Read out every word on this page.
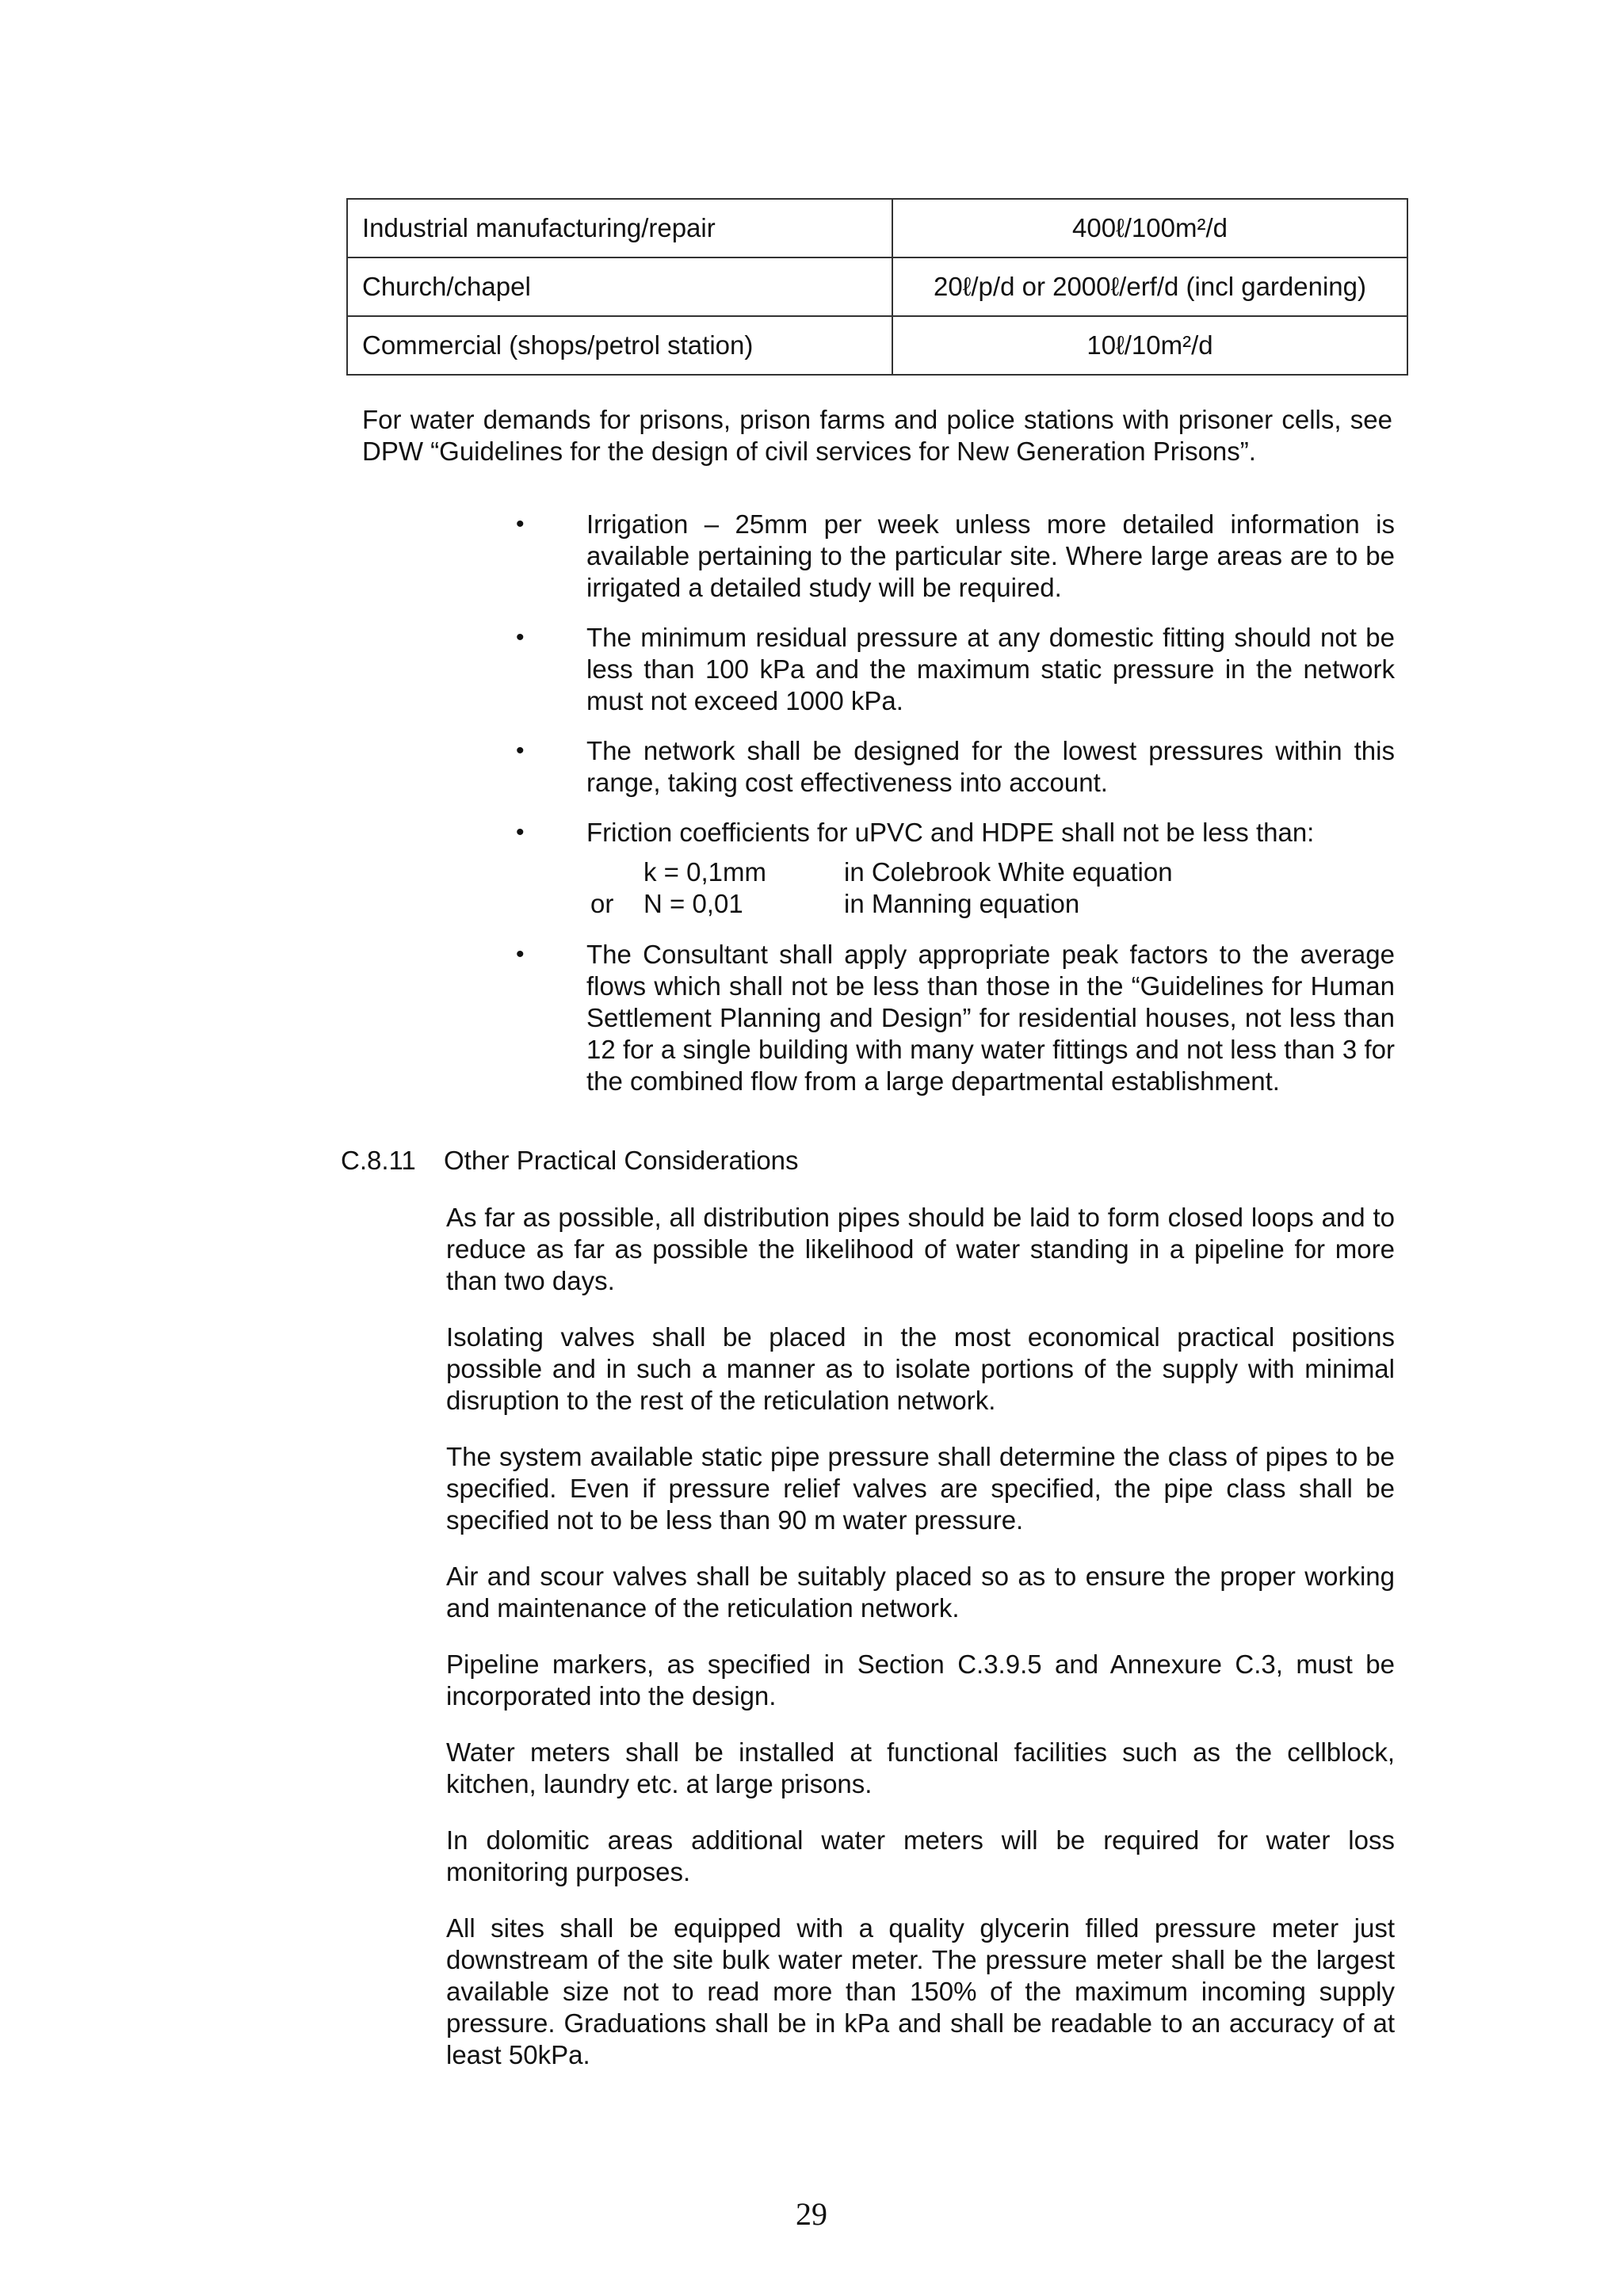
Industrial manufacturing/repair	400ℓ/100m²/d
Church/chapel	20ℓ/p/d or 2000ℓ/erf/d (incl gardening)
Commercial (shops/petrol station)	10ℓ/10m²/d
For water demands for prisons, prison farms and police stations with prisoner cells, see DPW “Guidelines for the design of civil services for New Generation Prisons”.
• Irrigation – 25mm per week unless more detailed information is available pertaining to the particular site. Where large areas are to be irrigated a detailed study will be required.
• The minimum residual pressure at any domestic fitting should not be less than 100 kPa and the maximum static pressure in the network must not exceed 1000 kPa.
• The network shall be designed for the lowest pressures within this range, taking cost effectiveness into account.
• Friction coefficients for uPVC and HDPE shall not be less than:
k = 0,1mm	in Colebrook White equation
or N = 0,01	in Manning equation
• The Consultant shall apply appropriate peak factors to the average flows which shall not be less than those in the “Guidelines for Human Settlement Planning and Design” for residential houses, not less than 12 for a single building with many water fittings and not less than 3 for the combined flow from a large departmental establishment.
C.8.11 Other Practical Considerations
As far as possible, all distribution pipes should be laid to form closed loops and to reduce as far as possible the likelihood of water standing in a pipeline for more than two days.
Isolating valves shall be placed in the most economical practical positions possible and in such a manner as to isolate portions of the supply with minimal disruption to the rest of the reticulation network.
The system available static pipe pressure shall determine the class of pipes to be specified. Even if pressure relief valves are specified, the pipe class shall be specified not to be less than 90 m water pressure.
Air and scour valves shall be suitably placed so as to ensure the proper working and maintenance of the reticulation network.
Pipeline markers, as specified in Section C.3.9.5 and Annexure C.3, must be incorporated into the design.
Water meters shall be installed at functional facilities such as the cellblock, kitchen, laundry etc. at large prisons.
In dolomitic areas additional water meters will be required for water loss monitoring purposes.
All sites shall be equipped with a quality glycerin filled pressure meter just downstream of the site bulk water meter. The pressure meter shall be the largest available size not to read more than 150% of the maximum incoming supply pressure. Graduations shall be in kPa and shall be readable to an accuracy of at least 50kPa.
29
